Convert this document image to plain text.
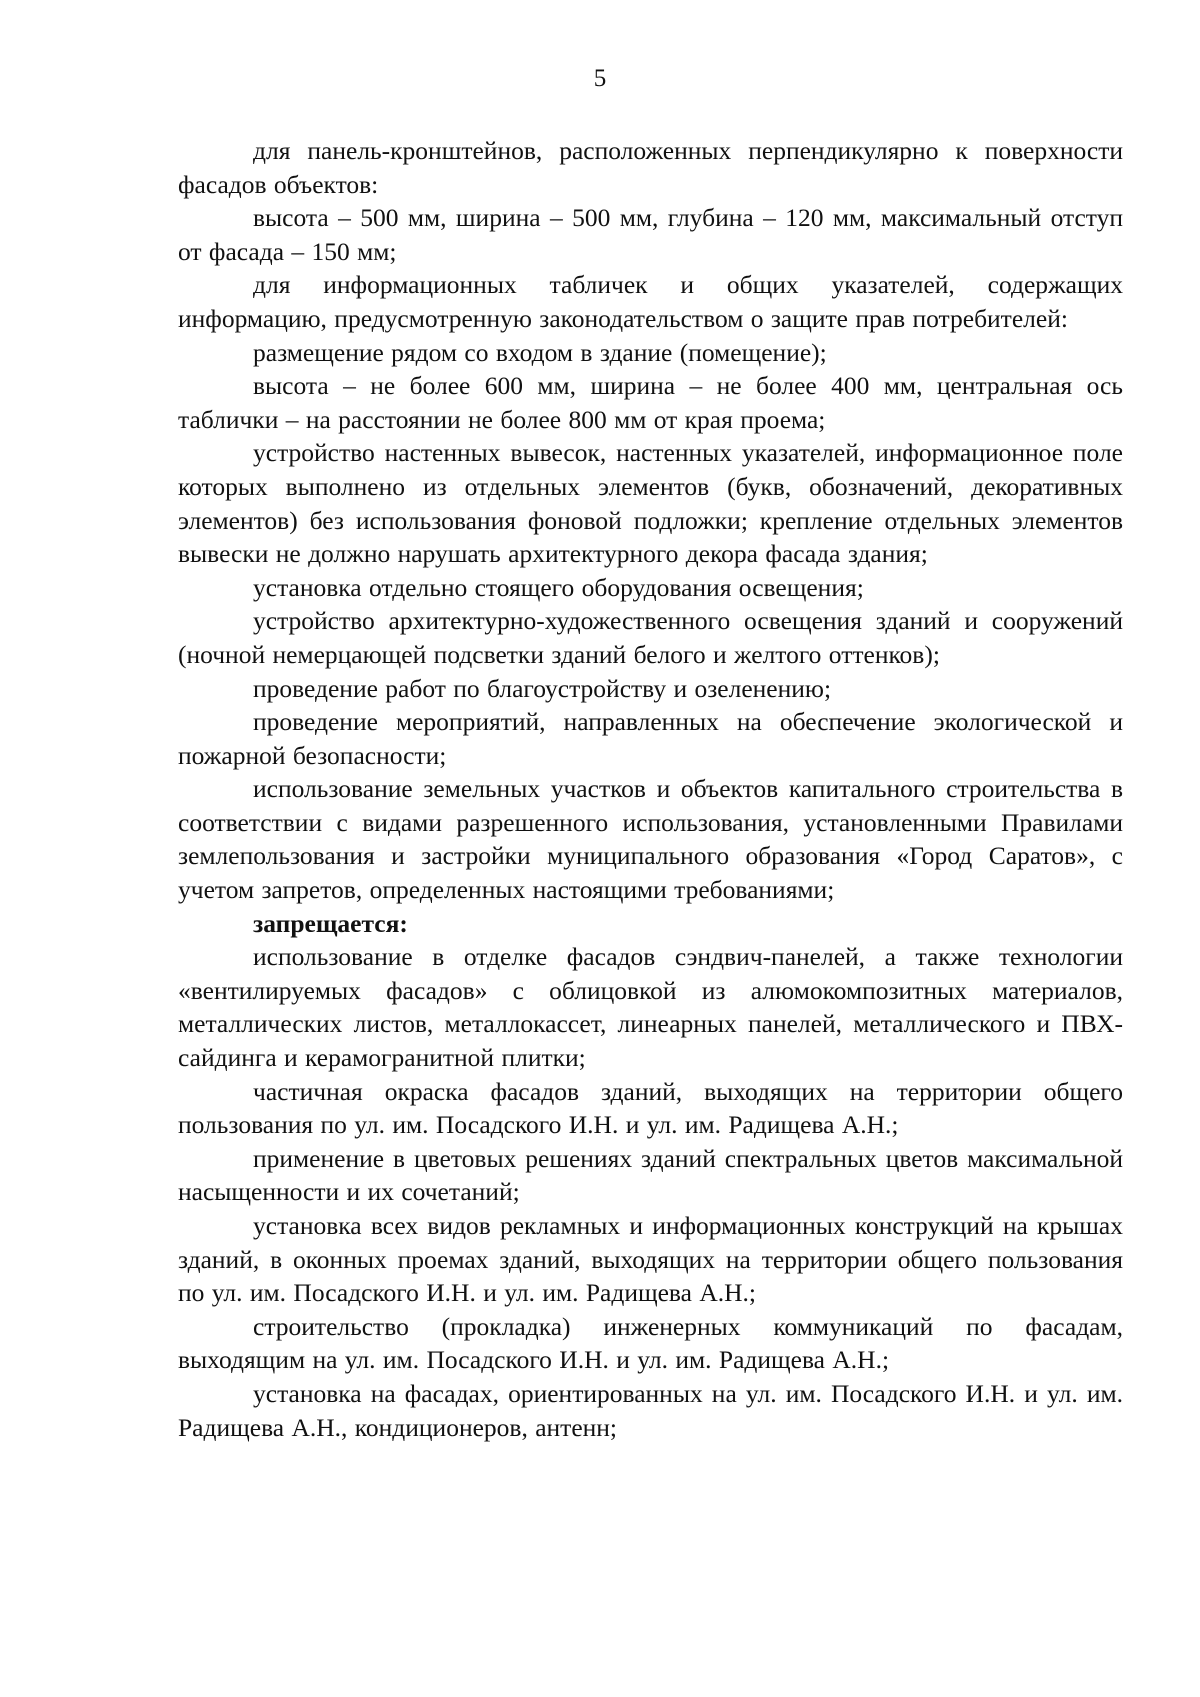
5

для панель-кронштейнов, расположенных перпендикулярно к поверхности фасадов объектов:

высота – 500 мм, ширина – 500 мм, глубина – 120 мм, максимальный отступ от фасада – 150 мм;

для информационных табличек и общих указателей, содержащих информацию, предусмотренную законодательством о защите прав потребителей:

размещение рядом со входом в здание (помещение);

высота – не более 600 мм, ширина – не более 400 мм, центральная ось таблички – на расстоянии не более 800 мм от края проема;

устройство настенных вывесок, настенных указателей, информационное поле которых выполнено из отдельных элементов (букв, обозначений, декоративных элементов) без использования фоновой подложки; крепление отдельных элементов вывески не должно нарушать архитектурного декора фасада здания;

установка отдельно стоящего оборудования освещения;

устройство архитектурно-художественного освещения зданий и сооружений (ночной немерцающей подсветки зданий белого и желтого оттенков);

проведение работ по благоустройству и озеленению;

проведение мероприятий, направленных на обеспечение экологической и пожарной безопасности;

использование земельных участков и объектов капитального строительства в соответствии с видами разрешенного использования, установленными Правилами землепользования и застройки муниципального образования «Город Саратов», с учетом запретов, определенных настоящими требованиями;

запрещается:

использование в отделке фасадов сэндвич-панелей, а также технологии «вентилируемых фасадов» с облицовкой из алюмокомпозитных материалов, металлических листов, металлокассет, линеарных панелей, металлического и ПВХ-сайдинга и керамогранитной плитки;

частичная окраска фасадов зданий, выходящих на территории общего пользования по ул. им. Посадского И.Н. и ул. им. Радищева А.Н.;

применение в цветовых решениях зданий спектральных цветов максимальной насыщенности и их сочетаний;

установка всех видов рекламных и информационных конструкций на крышах зданий, в оконных проемах зданий, выходящих на территории общего пользования по ул. им. Посадского И.Н. и ул. им. Радищева А.Н.;

строительство (прокладка) инженерных коммуникаций по фасадам, выходящим на ул. им. Посадского И.Н. и ул. им. Радищева А.Н.;

установка на фасадах, ориентированных на ул. им. Посадского И.Н. и ул. им. Радищева А.Н., кондиционеров, антенн;
